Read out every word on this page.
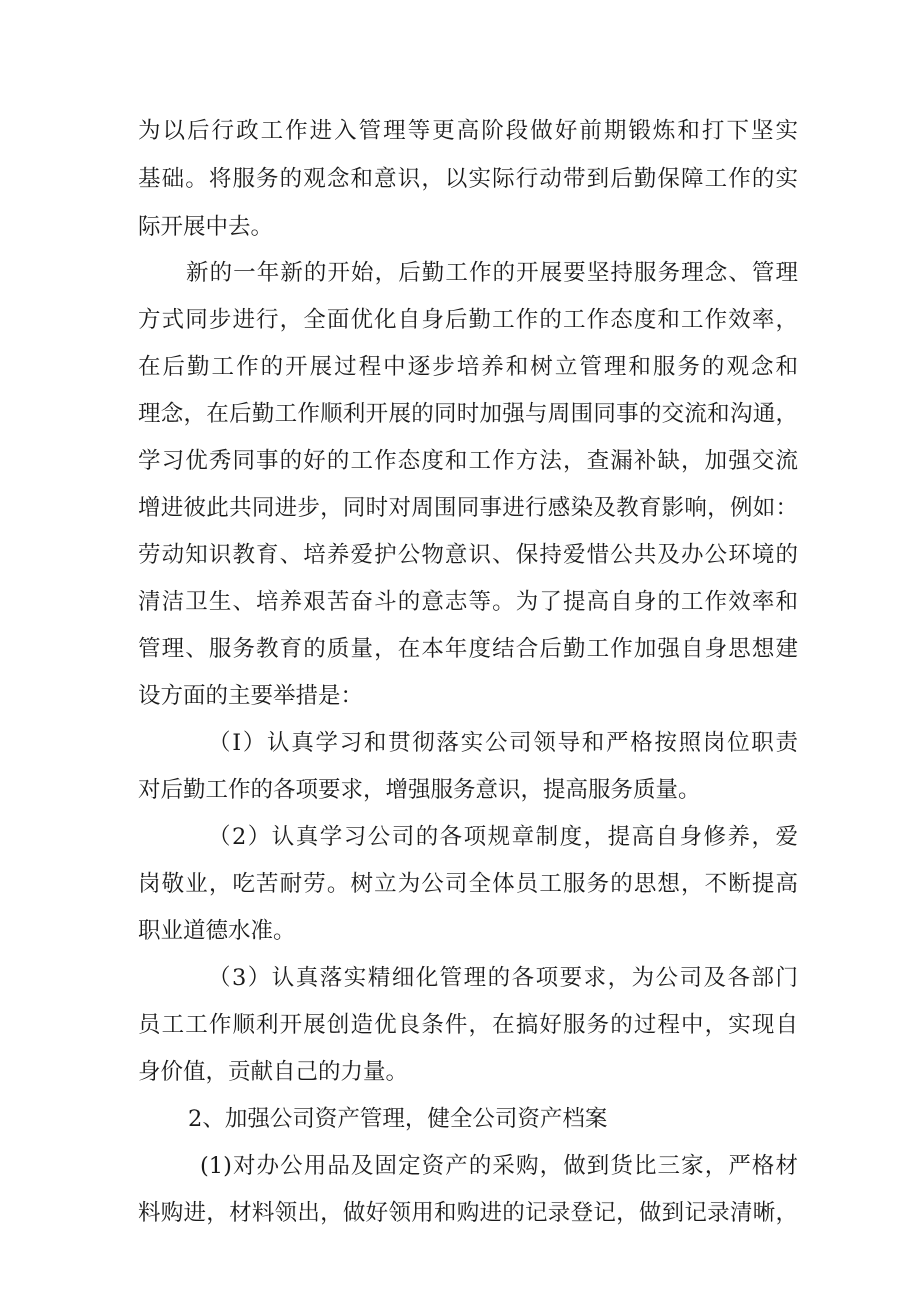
为以后行政工作进入管理等更高阶段做好前期锻炼和打下坚实
基础。将服务的观念和意识，以实际行动带到后勤保障工作的实
际开展中去。
新的一年新的开始，后勤工作的开展要坚持服务理念、管理
方式同步进行，全面优化自身后勤工作的工作态度和工作效率，
在后勤工作的开展过程中逐步培养和树立管理和服务的观念和
理念，在后勤工作顺利开展的同时加强与周围同事的交流和沟通，
学习优秀同事的好的工作态度和工作方法，查漏补缺，加强交流
增进彼此共同进步，同时对周围同事进行感染及教育影响，例如：
劳动知识教育、培养爱护公物意识、保持爱惜公共及办公环境的
清洁卫生、培养艰苦奋斗的意志等。为了提高自身的工作效率和
管理、服务教育的质量，在本年度结合后勤工作加强自身思想建
设方面的主要举措是：
（I）认真学习和贯彻落实公司领导和严格按照岗位职责
对后勤工作的各项要求，增强服务意识，提高服务质量。
（2）认真学习公司的各项规章制度，提高自身修养，爱
岗敬业，吃苦耐劳。树立为公司全体员工服务的思想，不断提高
职业道德水准。
（3）认真落实精细化管理的各项要求，为公司及各部门
员工工作顺利开展创造优良条件，在搞好服务的过程中，实现自
身价值，贡献自己的力量。
2、加强公司资产管理，健全公司资产档案
(1)对办公用品及固定资产的采购，做到货比三家，严格材
料购进，材料领出，做好领用和购进的记录登记，做到记录清晰，
